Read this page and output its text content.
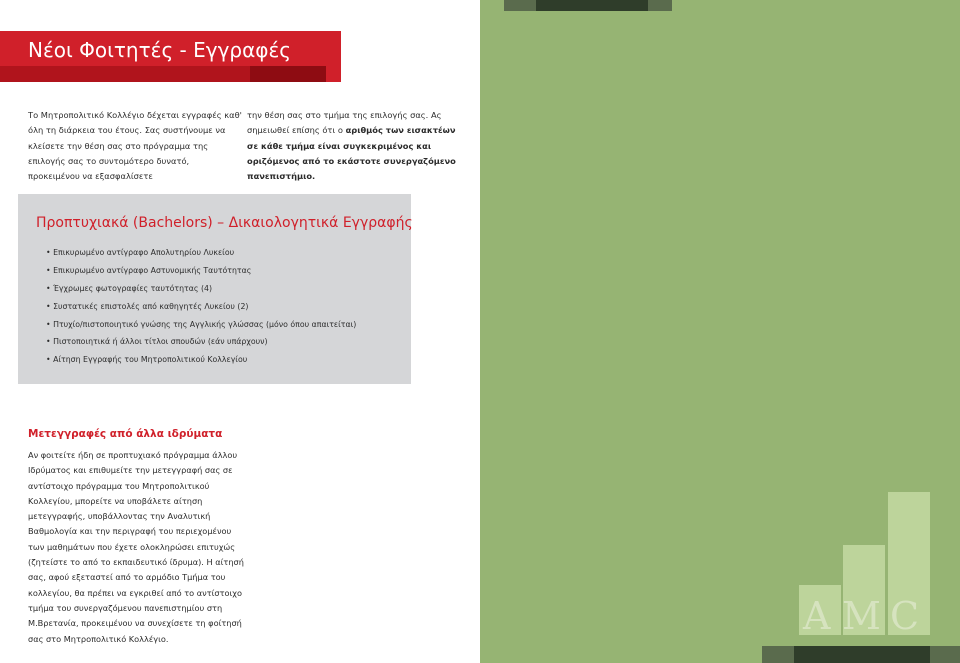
Νέοι Φοιτητές - Εγγραφές
Το Μητροπολιτικό Κολλέγιο δέχεται εγγραφές καθ' όλη τη διάρκεια του έτους. Σας συστήνουμε να κλείσετε την θέση σας στο πρόγραμμα της επιλογής σας το συντομότερο δυνατό, προκειμένου να εξασφαλίσετε
την θέση σας στο τμήμα της επιλογής σας. Ας σημειωθεί επίσης ότι ο αριθμός των εισακτέων σε κάθε τμήμα είναι συγκεκριμένος και οριζόμενος από το εκάστοτε συνεργαζόμενο πανεπιστήμιο.
Προπτυχιακά (Bachelors) – Δικαιολογητικά Εγγραφής
• Επικυρωμένο αντίγραφο Απολυτηρίου Λυκείου
• Επικυρωμένο αντίγραφο Αστυνομικής Ταυτότητας
• Έγχρωμες φωτογραφίες ταυτότητας (4)
• Συστατικές επιστολές από καθηγητές Λυκείου (2)
• Πτυχίο/πιστοποιητικό γνώσης της Αγγλικής γλώσσας (μόνο όπου απαιτείται)
• Πιστοποιητικά ή άλλοι τίτλοι σπουδών (εάν υπάρχουν)
• Αίτηση Εγγραφής του Μητροπολιτικού Κολλεγίου
Μετεγγραφές από άλλα ιδρύματα
Αν φοιτείτε ήδη σε προπτυχιακό πρόγραμμα άλλου Ιδρύματος και επιθυμείτε την μετεγγραφή σας σε αντίστοιχο πρόγραμμα του Μητροπολιτικού Κολλεγίου, μπορείτε να υποβάλετε αίτηση μετεγγραφής, υποβάλλοντας την Αναλυτική Βαθμολογία και την περιγραφή του περιεχομένου των μαθημάτων που έχετε ολοκληρώσει επιτυχώς (ζητείστε το από το εκπαιδευτικό ίδρυμα). Η αίτησή σας, αφού εξεταστεί από το αρμόδιο Τμήμα του κολλεγίου, θα πρέπει να εγκριθεί από το αντίστοιχο τμήμα του συνεργαζόμενου πανεπιστημίου στη Μ.Βρετανία, προκειμένου να συνεχίσετε τη φοίτησή σας στο Μητροπολιτικό Κολλέγιο.
A M C
